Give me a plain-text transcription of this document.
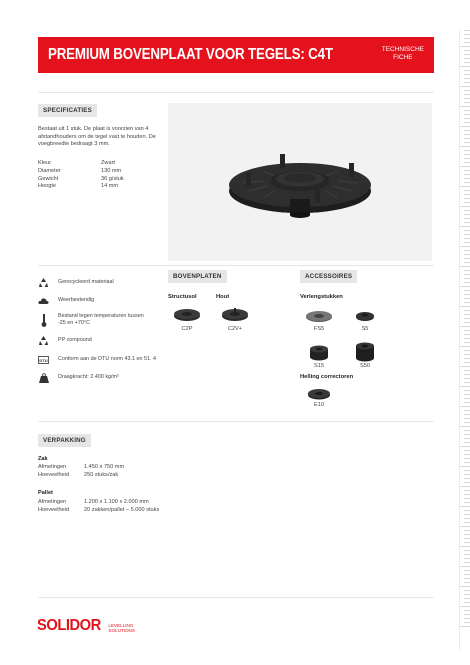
PREMIUM BOVENPLAAT VOOR TEGELS: C4T	TECHNISCHE
FICHE
SPECIFICATIES
Bestaat uit 1 stuk. De plaat is voorzien van 4 afstandhouders om de tegel vast te houden. De voegbreedte bedraagt 3 mm.
Kleur	Zwart
Diameter	130 mm
Gewicht	36 g/stuk
Hoogte	14 mm
Gerecycleerd materiaal
Weerbestendig
Bestand tegen temperaturen tussen -25 en +70°C
PP compound
DTU Conform aan de DTU norm 43.1 en 51. 4
Draagkracht: 2.400 kg/m²
BOVENPLATEN
Structusol	Hout
C2P	C2V+
ACCESSOIRES
Verlengstukken
FS5	S5
S15	S50
Helling correctoren
E10
VERPAKKING
Zak
Afmetingen	1.450 x 750 mm
Hoeveelheid	250 stuks/zak
Pallet
Afmetingen	1.200 x 1.100 x 2.000 mm
Hoeveelheid	20 zakken/pallet – 5.000 stuks
SOLIDOR LEVELLING
SOLUTIONS
